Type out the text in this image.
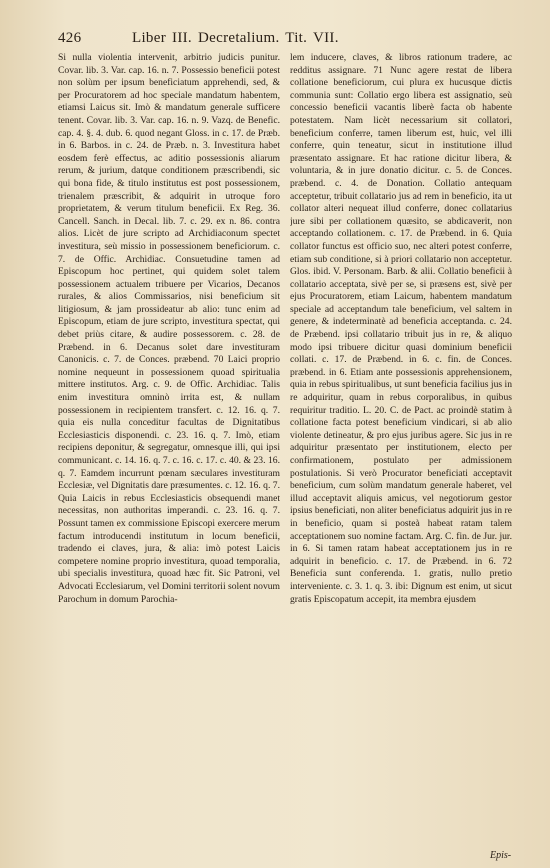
426	Liber III. Decretalium. Tit. VII.

Si nulla violentia intervenit, arbitrio judicis punitur. Covar. lib. 3. Var. cap. 16. n. 7. Possessio beneficii potest non solùm per ipsum beneficiatum apprehendi, sed, & per Procuratorem ad hoc speciale mandatum habentem, etiamsi Laicus sit. Imò & mandatum generale sufficere tenent. Covar. lib. 3. Var. cap. 16. n. 9. Vazq. de Benefic. cap. 4. §. 4. dub. 6. quod negant Gloss. in c. 17. de Præb. in 6. Barbos. in c. 24. de Præb. n. 3. Investitura habet eosdem ferè effectus, ac aditio possessionis aliarum rerum, & jurium, datque conditionem præscribendi, sic qui bona fide, & titulo institutus est post possessionem, trienalem præscribit, & adquirit in utroque foro proprietatem, & verum titulum beneficii. Ex Reg. 36. Cancell. Sanch. in Decal. lib. 7. c. 29. ex n. 86. contra alios. Licèt de jure scripto ad Archidiaconum spectet investitura, seù missio in possessionem beneficiorum. c. 7. de Offic. Archidiac. Consuetudine tamen ad Episcopum hoc pertinet, qui quidem solet talem possessionem actualem tribuere per Vicarios, Decanos rurales, & alios Commissarios, nisi beneficium sit litigiosum, & jam prossideatur ab alio: tunc enim ad Episcopum, etiam de jure scripto, investitura spectat, qui debet priùs citare, & audire possessorem. c. 28. de Præbend. in 6. Decanus solet dare investituram Canonicis. c. 7. de Conces. præbend. 70 Laici proprio nomine nequeunt in possessionem quoad spiritualia mittere institutos. Arg. c. 9. de Offic. Archidiac. Talis enim investitura omninò irrita est, & nullam possessionem in recipientem transfert. c. 12. 16. q. 7. quia eis nulla conceditur facultas de Dignitatibus Ecclesiasticis disponendi. c. 23. 16. q. 7. Imò, etiam recipiens deponitur, & segregatur, omnesque illi, qui ipsi communicant. c. 14. 16. q. 7. c. 16. c. 17. c. 40. & 23. 16. q. 7. Eamdem incurrunt pœnam sæculares investituram Ecclesiæ, vel Dignitatis dare præsumentes. c. 12. 16. q. 7. Quia Laicis in rebus Ecclesiasticis obsequendi manet necessitas, non authoritas imperandi. c. 23. 16. q. 7. Possunt tamen ex commissione Episcopi exercere merum factum introducendi institutum in locum beneficii, tradendo ei claves, jura, & alia: imò potest Laicis competere nomine proprio investitura, quoad temporalia, ubi specialis investitura, quoad hæc fit. Sic Patroni, vel Advocati Ecclesiarum, vel Domini territorii solent novum Parochum in domum Parochia-

lem inducere, claves, & libros rationum tradere, ac redditus assignare. 71 Nunc agere restat de libera collatione beneficiorum, cui plura ex hucusque dictis communia sunt: Collatio ergo libera est assignatio, seù concessio beneficii vacantis liberè facta ob habente potestatem. Nam licèt necessarium sit collatori, beneficium conferre, tamen liberum est, huic, vel illi conferre, quin teneatur, sicut in institutione illud præsentato assignare. Et hac ratione dicitur libera, & voluntaria, & in jure donatio dicitur. c. 5. de Conces. præbend. c. 4. de Donation. Collatio antequam acceptetur, tribuit collatario jus ad rem in beneficio, ita ut collator alteri nequeat illud conferre, donec collatarius jure sibi per collationem quæsito, se abdicaverit, non acceptando collationem. c. 17. de Præbend. in 6. Quia collator functus est officio suo, nec alteri potest conferre, etiam sub conditione, si à priori collatario non acceptetur. Glos. ibid. V. Personam. Barb. & alii. Collatio beneficii à collatario acceptata, sivè per se, si præsens est, sivè per ejus Procuratorem, etiam Laicum, habentem mandatum speciale ad acceptandum tale beneficium, vel saltem in genere, & indeterminatè ad beneficia acceptanda. c. 24. de Præbend. ipsi collatario tribuit jus in re, & aliquo modo ipsi tribuere dicitur quasi dominium beneficii collati. c. 17. de Præbend. in 6. c. fin. de Conces. præbend. in 6. Etiam ante possessionis apprehensionem, quia in rebus spiritualibus, ut sunt beneficia facilius jus in re adquiritur, quam in rebus corporalibus, in quibus requiritur traditio. L. 20. C. de Pact. ac proindè statim à collatione facta potest beneficium vindicari, si ab alio violente detineatur, & pro ejus juribus agere. Sic jus in re adquiritur præsentato per institutionem, electo per confirmationem, postulato per admissionem postulationis. Si verò Procurator beneficiati acceptavit beneficium, cum solùm mandatum generale haberet, vel illud acceptavit aliquis amicus, vel negotiorum gestor ipsius beneficiati, non aliter beneficiatus adquirit jus in re in beneficio, quam si posteà habeat ratam talem acceptationem suo nomine factam. Arg. C. fin. de Jur. jur. in 6. Si tamen ratam habeat acceptationem jus in re adquirit in beneficio. c. 17. de Præbend. in 6. 72 Beneficia sunt conferenda. 1. gratis, nullo pretio interveniente. c. 3. 1. q. 3. ibi: Dignum est enim, ut sicut gratis Episcopatum accepit, ita membra ejusdem

Epis-
